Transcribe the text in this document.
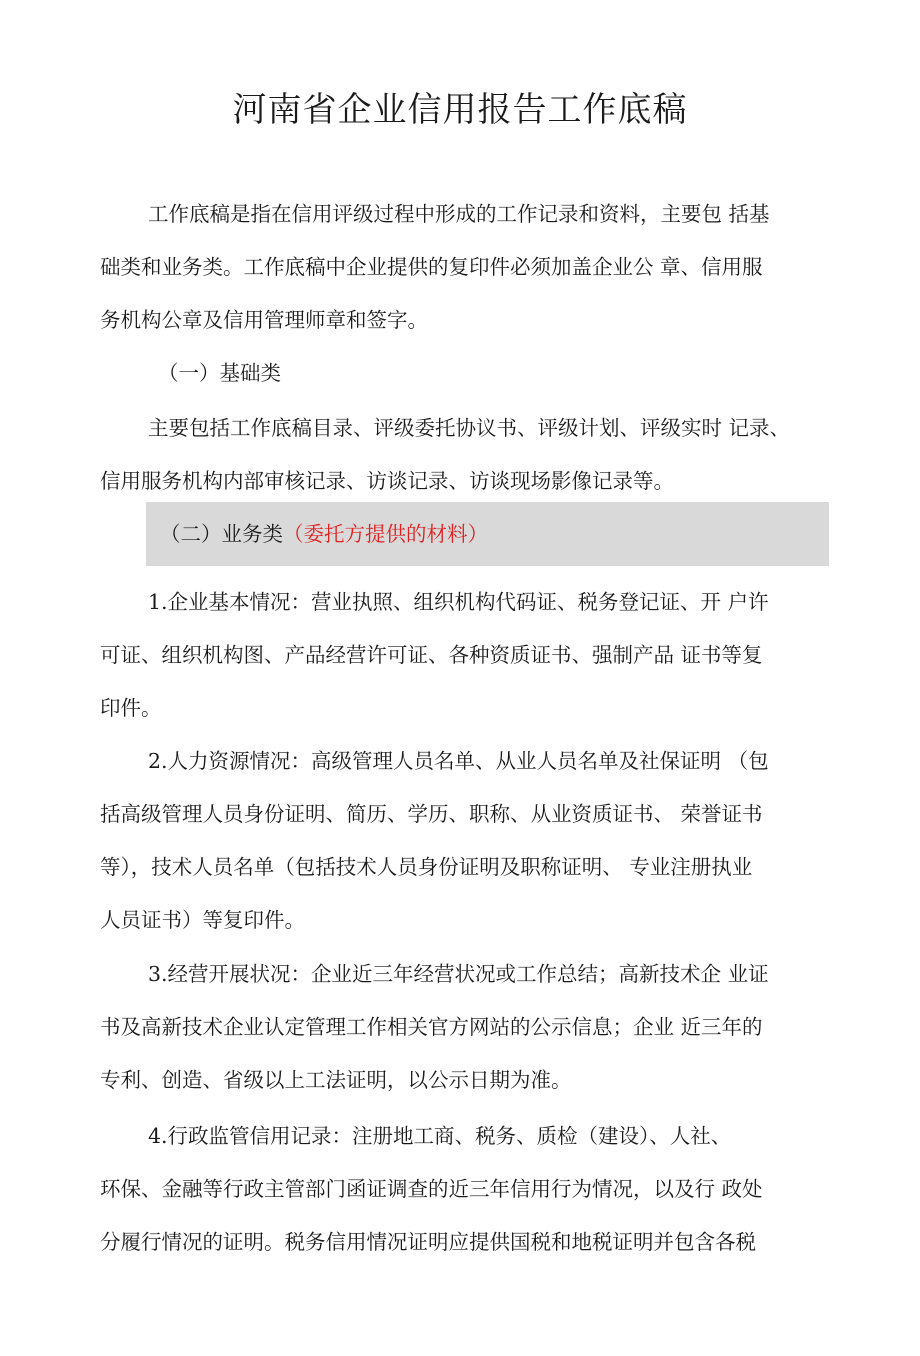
河南省企业信用报告工作底稿
工作底稿是指在信用评级过程中形成的工作记录和资料，主要包 括基
础类和业务类。工作底稿中企业提供的复印件必须加盖企业公 章、信用服
务机构公章及信用管理师章和签字。
（一）基础类
主要包括工作底稿目录、评级委托协议书、评级计划、评级实时 记录、
信用服务机构内部审核记录、访谈记录、访谈现场影像记录等。
（二）业务类（委托方提供的材料）
1.企业基本情况：营业执照、组织机构代码证、税务登记证、开 户许
可证、组织机构图、产品经营许可证、各种资质证书、强制产品 证书等复
印件。
2.人力资源情况：高级管理人员名单、从业人员名单及社保证明 （包
括高级管理人员身份证明、简历、学历、职称、从业资质证书、 荣誉证书
等），技术人员名单（包括技术人员身份证明及职称证明、 专业注册执业
人员证书）等复印件。
3.经营开展状况：企业近三年经营状况或工作总结；高新技术企 业证
书及高新技术企业认定管理工作相关官方网站的公示信息；企业 近三年的
专利、创造、省级以上工法证明，以公示日期为准。
4.行政监管信用记录：注册地工商、税务、质检（建设）、人社、
环保、金融等行政主管部门函证调查的近三年信用行为情况，以及行 政处
分履行情况的证明。税务信用情况证明应提供国税和地税证明并包含各税
